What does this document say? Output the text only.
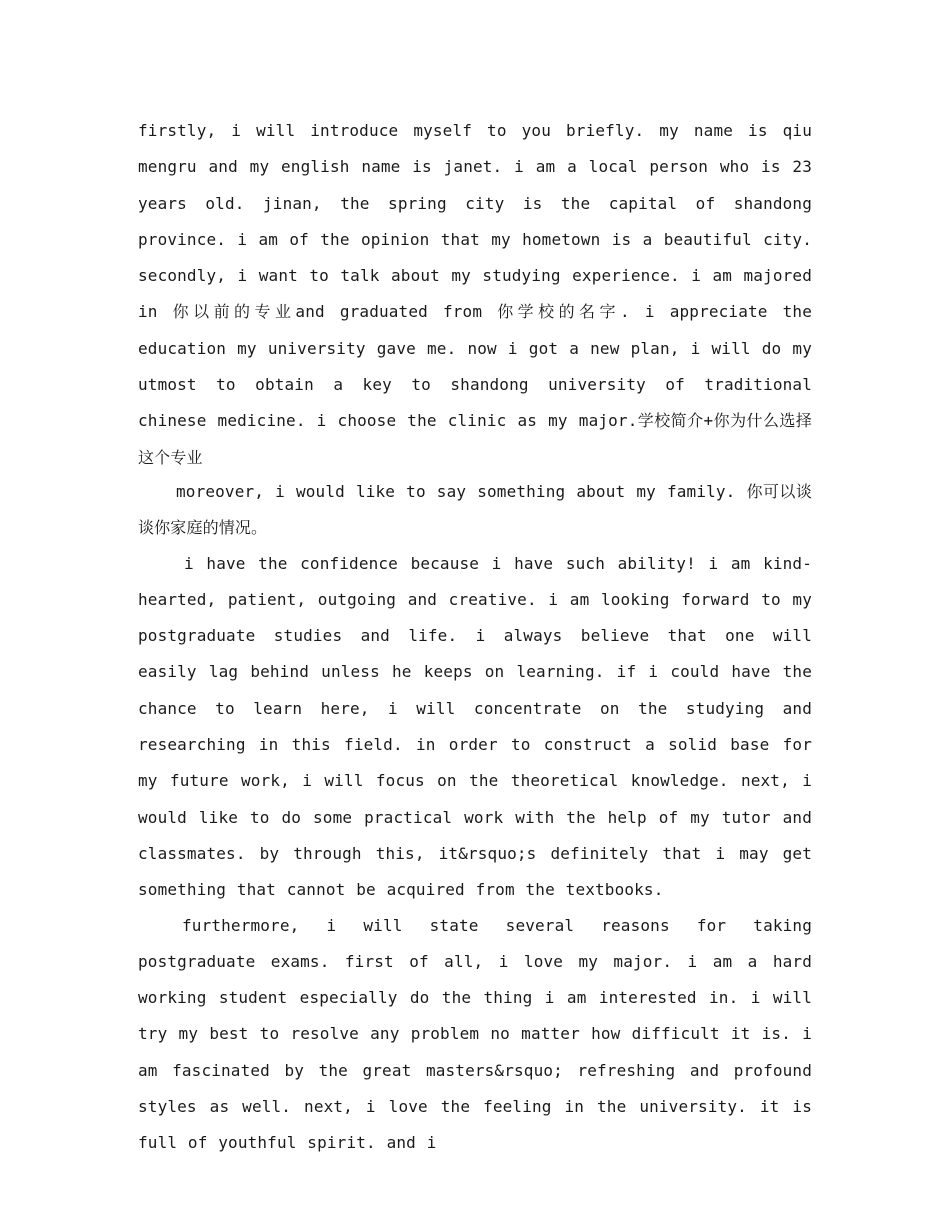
firstly, i will introduce myself to you briefly. my name is qiu mengru and my english name is janet. i am a local person who is 23 years old. jinan, the spring city is the capital of shandong province. i am of the opinion that my hometown is a beautiful city. secondly, i want to talk about my studying experience. i am majored in 你以前的专业and graduated from 你学校的名字. i appreciate the education my university gave me. now i got a new plan, i will do my utmost to obtain a key to shandong university of traditional chinese medicine. i choose the clinic as my major.学校简介+你为什么选择这个专业

moreover, i would like to say something about my family. 你可以谈谈你家庭的情况。

i have the confidence because i have such ability! i am kind-hearted, patient, outgoing and creative. i am looking forward to my postgraduate studies and life. i always believe that one will easily lag behind unless he keeps on learning. if i could have the chance to learn here, i will concentrate on the studying and researching in this field. in order to construct a solid base for my future work, i will focus on the theoretical knowledge. next, i would like to do some practical work with the help of my tutor and classmates. by through this, it&rsquo;s definitely that i may get something that cannot be acquired from the textbooks.

furthermore, i will state several reasons for taking postgraduate exams. first of all, i love my major. i am a hard working student especially do the thing i am interested in. i will try my best to resolve any problem no matter how difficult it is. i am fascinated by the great masters&rsquo; refreshing and profound styles as well. next, i love the feeling in the university. it is full of youthful spirit. and i
